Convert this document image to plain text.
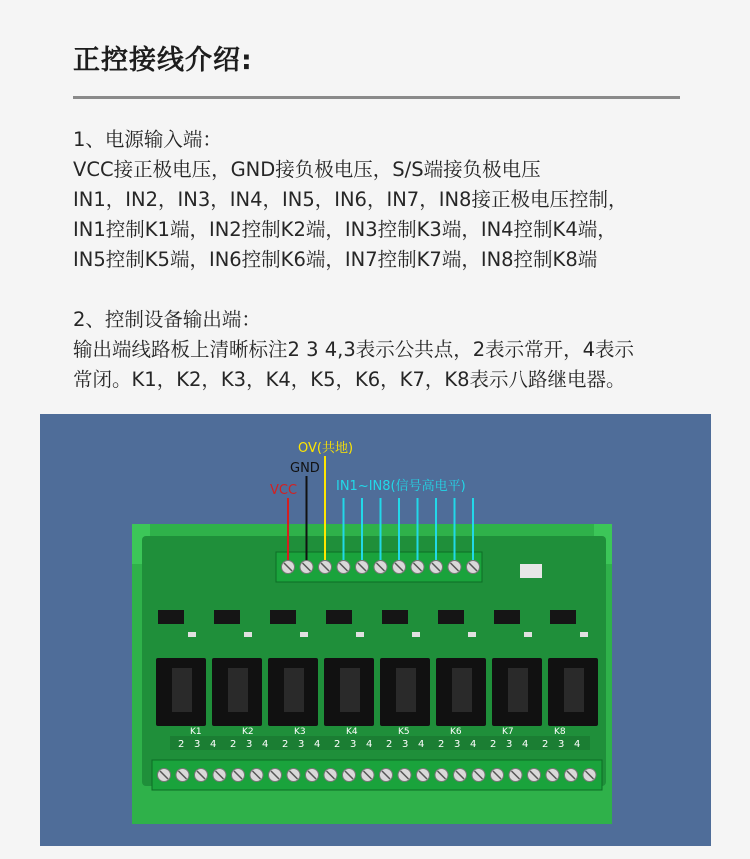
正控接线介绍:
1、电源输入端：
VCC接正极电压，GND接负极电压，S/S端接负极电压
IN1，IN2，IN3，IN4，IN5，IN6，IN7，IN8接正极电压控制，
IN1控制K1端，IN2控制K2端，IN3控制K3端，IN4控制K4端，
IN5控制K5端，IN6控制K6端，IN7控制K7端，IN8控制K8端
2、控制设备输出端：
输出端线路板上清晰标注2 3 4,3表示公共点，2表示常开，4表示
常闭。K1，K2，K3，K4，K5，K6，K7，K8表示八路继电器。
K1
2 3 4
K2
2 3 4
K3
2 3 4
K4
2 3 4
K5
2 3 4
K6
2 3 4
K7
2 3 4
K8
2 3 4
OV(共地)
GND
VCC	IN1~IN8(信号高电平)
